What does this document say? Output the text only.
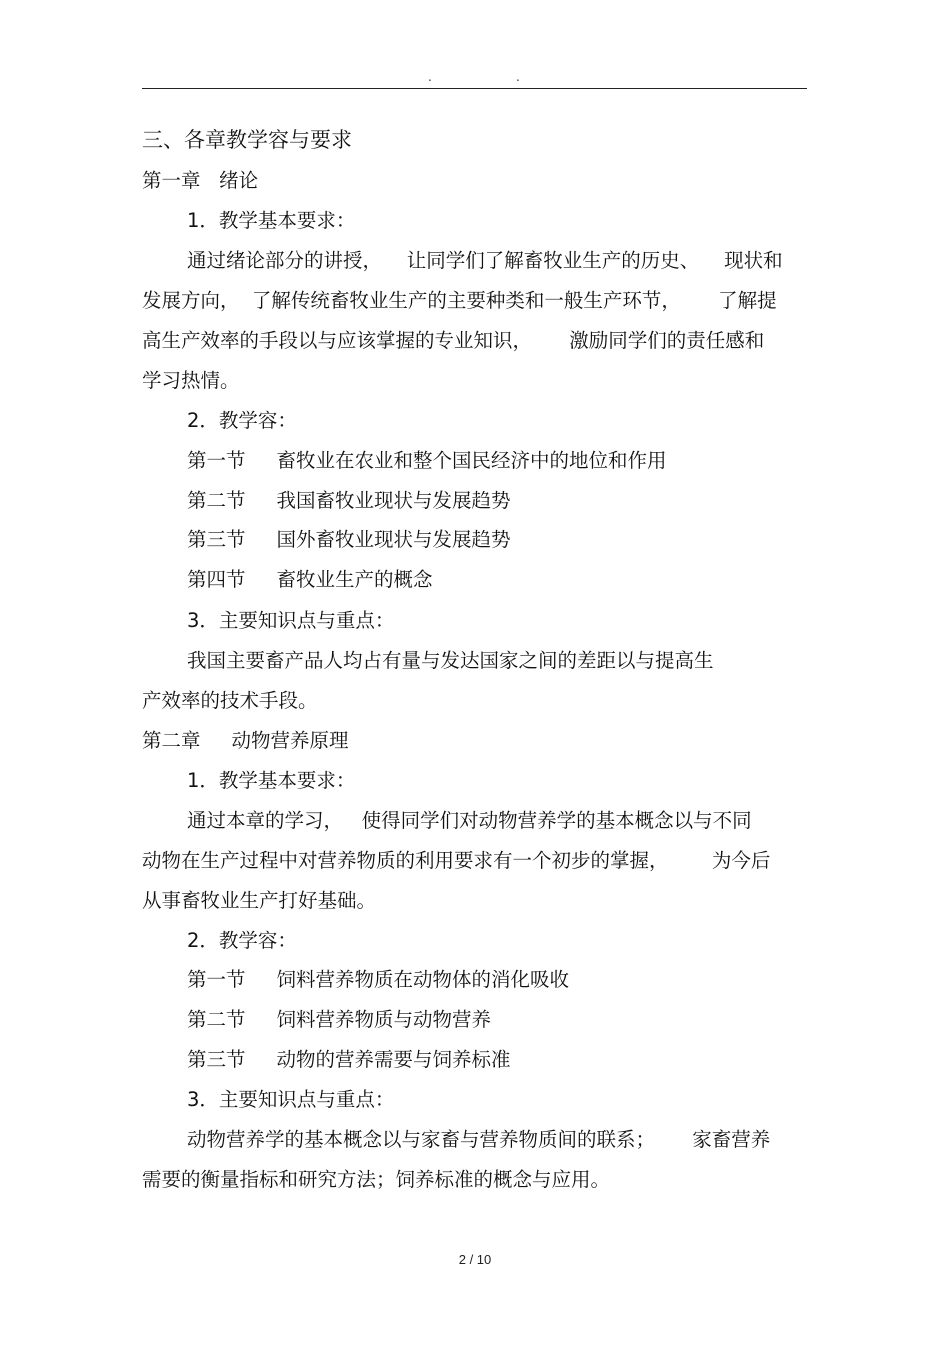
.	.
三、各章教学容与要求
第一章   绪论
1．教学基本要求：
通过绪论部分的讲授，    让同学们了解畜牧业生产的历史、    现状和
发展方向，  了解传统畜牧业生产的主要种类和一般生产环节，      了解提
高生产效率的手段以与应该掌握的专业知识，      激励同学们的责任感和
学习热情。
2．教学容：
第一节     畜牧业在农业和整个国民经济中的地位和作用
第二节     我国畜牧业现状与发展趋势
第三节     国外畜牧业现状与发展趋势
第四节     畜牧业生产的概念
3．主要知识点与重点：
我国主要畜产品人均占有量与发达国家之间的差距以与提高生
产效率的技术手段。
第二章     动物营养原理
1．教学基本要求：
通过本章的学习，   使得同学们对动物营养学的基本概念以与不同
动物在生产过程中对营养物质的利用要求有一个初步的掌握，       为今后
从事畜牧业生产打好基础。
2．教学容：
第一节     饲料营养物质在动物体的消化吸收
第二节     饲料营养物质与动物营养
第三节     动物的营养需要与饲养标准
3．主要知识点与重点：
动物营养学的基本概念以与家畜与营养物质间的联系；      家畜营养
需要的衡量指标和研究方法；饲养标准的概念与应用。
2 / 10
